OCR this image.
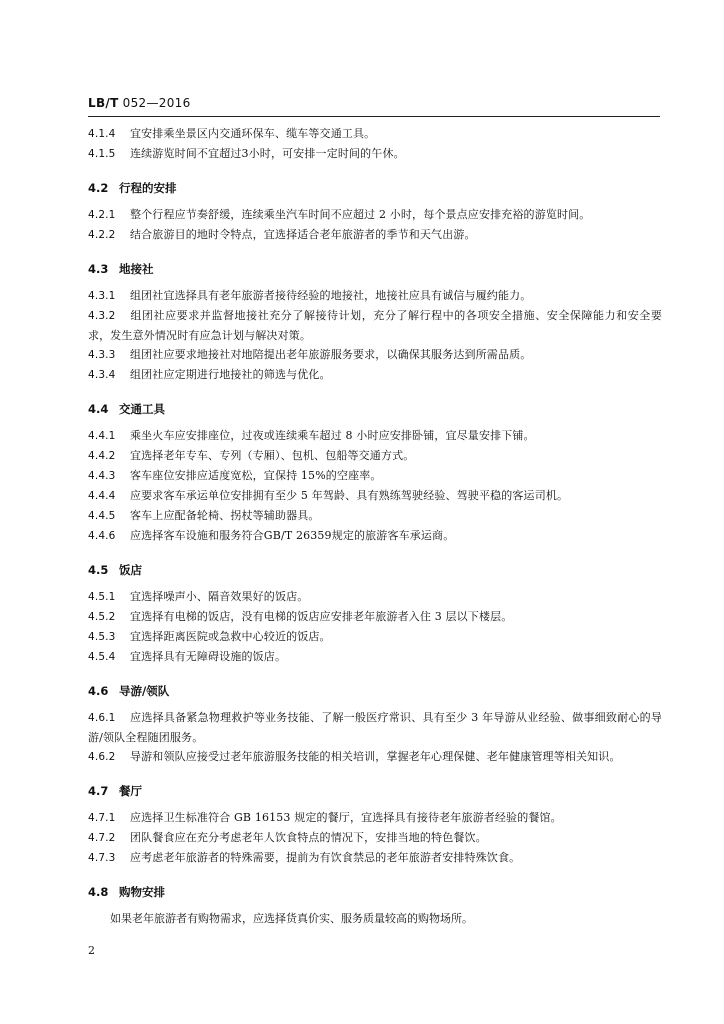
LB/T 052—2016

4.1.4 宜安排乘坐景区内交通环保车、缆车等交通工具。

4.1.5 连续游览时间不宜超过3小时，可安排一定时间的午休。

4.2 行程的安排

4.2.1 整个行程应节奏舒缓，连续乘坐汽车时间不应超过 2 小时，每个景点应安排充裕的游览时间。

4.2.2 结合旅游目的地时令特点，宜选择适合老年旅游者的季节和天气出游。

4.3 地接社

4.3.1 组团社宜选择具有老年旅游者接待经验的地接社，地接社应具有诚信与履约能力。

4.3.2 组团社应要求并监督地接社充分了解接待计划，充分了解行程中的各项安全措施、安全保障能力和安全要求，发生意外情况时有应急计划与解决对策。

4.3.3 组团社应要求地接社对地陪提出老年旅游服务要求，以确保其服务达到所需品质。

4.3.4 组团社应定期进行地接社的筛选与优化。

4.4 交通工具

4.4.1 乘坐火车应安排座位，过夜或连续乘车超过 8 小时应安排卧铺，宜尽量安排下铺。

4.4.2 宜选择老年专车、专列（专厢）、包机、包船等交通方式。

4.4.3 客车座位安排应适度宽松，宜保持 15%的空座率。

4.4.4 应要求客车承运单位安排拥有至少 5 年驾龄、具有熟练驾驶经验、驾驶平稳的客运司机。

4.4.5 客车上应配备轮椅、拐杖等辅助器具。

4.4.6 应选择客车设施和服务符合GB/T 26359规定的旅游客车承运商。

4.5 饭店

4.5.1 宜选择噪声小、隔音效果好的饭店。

4.5.2 宜选择有电梯的饭店，没有电梯的饭店应安排老年旅游者入住 3 层以下楼层。

4.5.3 宜选择距离医院或急救中心较近的饭店。

4.5.4 宜选择具有无障碍设施的饭店。

4.6 导游/领队

4.6.1 应选择具备紧急物理救护等业务技能、了解一般医疗常识、具有至少 3 年导游从业经验、做事细致耐心的导游/领队全程随团服务。

4.6.2 导游和领队应接受过老年旅游服务技能的相关培训，掌握老年心理保健、老年健康管理等相关知识。

4.7 餐厅

4.7.1 应选择卫生标准符合 GB 16153 规定的餐厅，宜选择具有接待老年旅游者经验的餐馆。

4.7.2 团队餐食应在充分考虑老年人饮食特点的情况下，安排当地的特色餐饮。

4.7.3 应考虑老年旅游者的特殊需要，提前为有饮食禁忌的老年旅游者安排特殊饮食。

4.8 购物安排

如果老年旅游者有购物需求，应选择货真价实、服务质量较高的购物场所。

2
